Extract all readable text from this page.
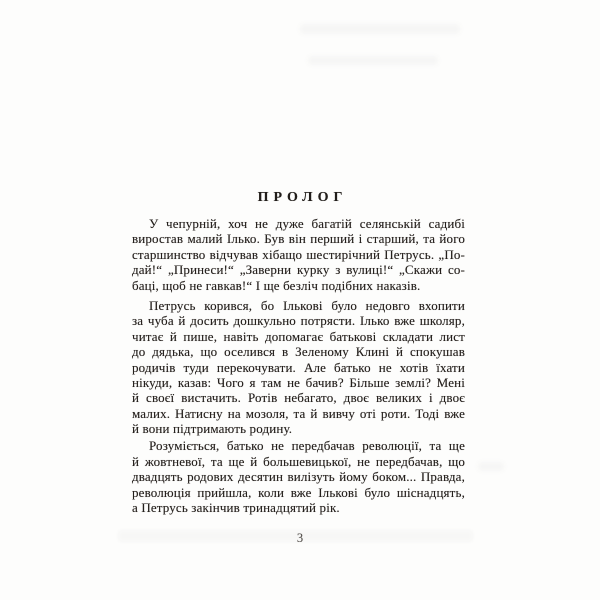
ПРОЛОГ
У чепурній, хоч не дуже багатій селянській садибі
виростав малий Ілько. Був він перший і старший, та його
старшинство відчував хібащо шестирічний Петрусь. „По-
дай!“ „Принеси!“ „Заверни курку з вулиці!“ „Скажи со-
баці, щоб не гавкав!“ І ще безліч подібних наказів.
Петрусь корився, бо Ількові було недовго вхопити
за чуба й досить дошкульно потрясти. Ілько вже школяр,
читає й пише, навіть допомагає батькові складати лист
до дядька, що оселився в Зеленому Клині й спокушав
родичів туди перекочувати. Але батько не хотів їхати
нікуди, казав: Чого я там не бачив? Більше землі? Мені
й своєї вистачить. Ротів небагато, двоє великих і двоє
малих. Натисну на мозоля, та й вивчу оті роти. Тоді вже
й вони підтримають родину.
Розуміється, батько не передбачав революції, та ще
й жовтневої, та ще й большевицької, не передбачав, що
двадцять родових десятин вилізуть йому боком... Правда,
революція прийшла, коли вже Ількові було шіснадцять,
а Петрусь закінчив тринадцятий рік.
3
